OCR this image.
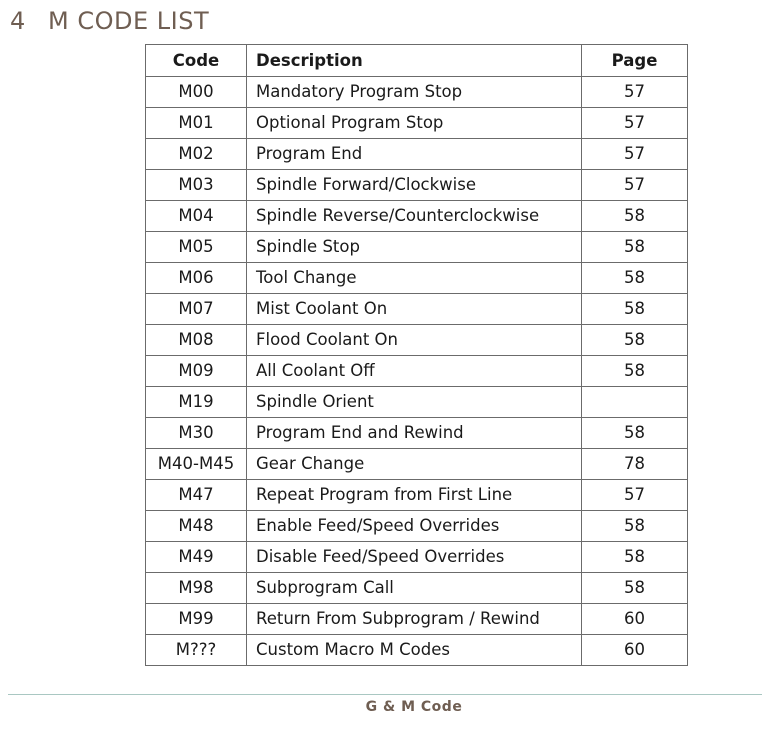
4 M CODE LIST
Code	Description	Page
M00	Mandatory Program Stop	57
M01	Optional Program Stop	57
M02	Program End	57
M03	Spindle Forward/Clockwise	57
M04	Spindle Reverse/Counterclockwise	58
M05	Spindle Stop	58
M06	Tool Change	58
M07	Mist Coolant On	58
M08	Flood Coolant On	58
M09	All Coolant Off	58
M19	Spindle Orient	
M30	Program End and Rewind	58
M40-M45	Gear Change	78
M47	Repeat Program from First Line	57
M48	Enable Feed/Speed Overrides	58
M49	Disable Feed/Speed Overrides	58
M98	Subprogram Call	58
M99	Return From Subprogram / Rewind	60
M???	Custom Macro M Codes	60
G & M Code
